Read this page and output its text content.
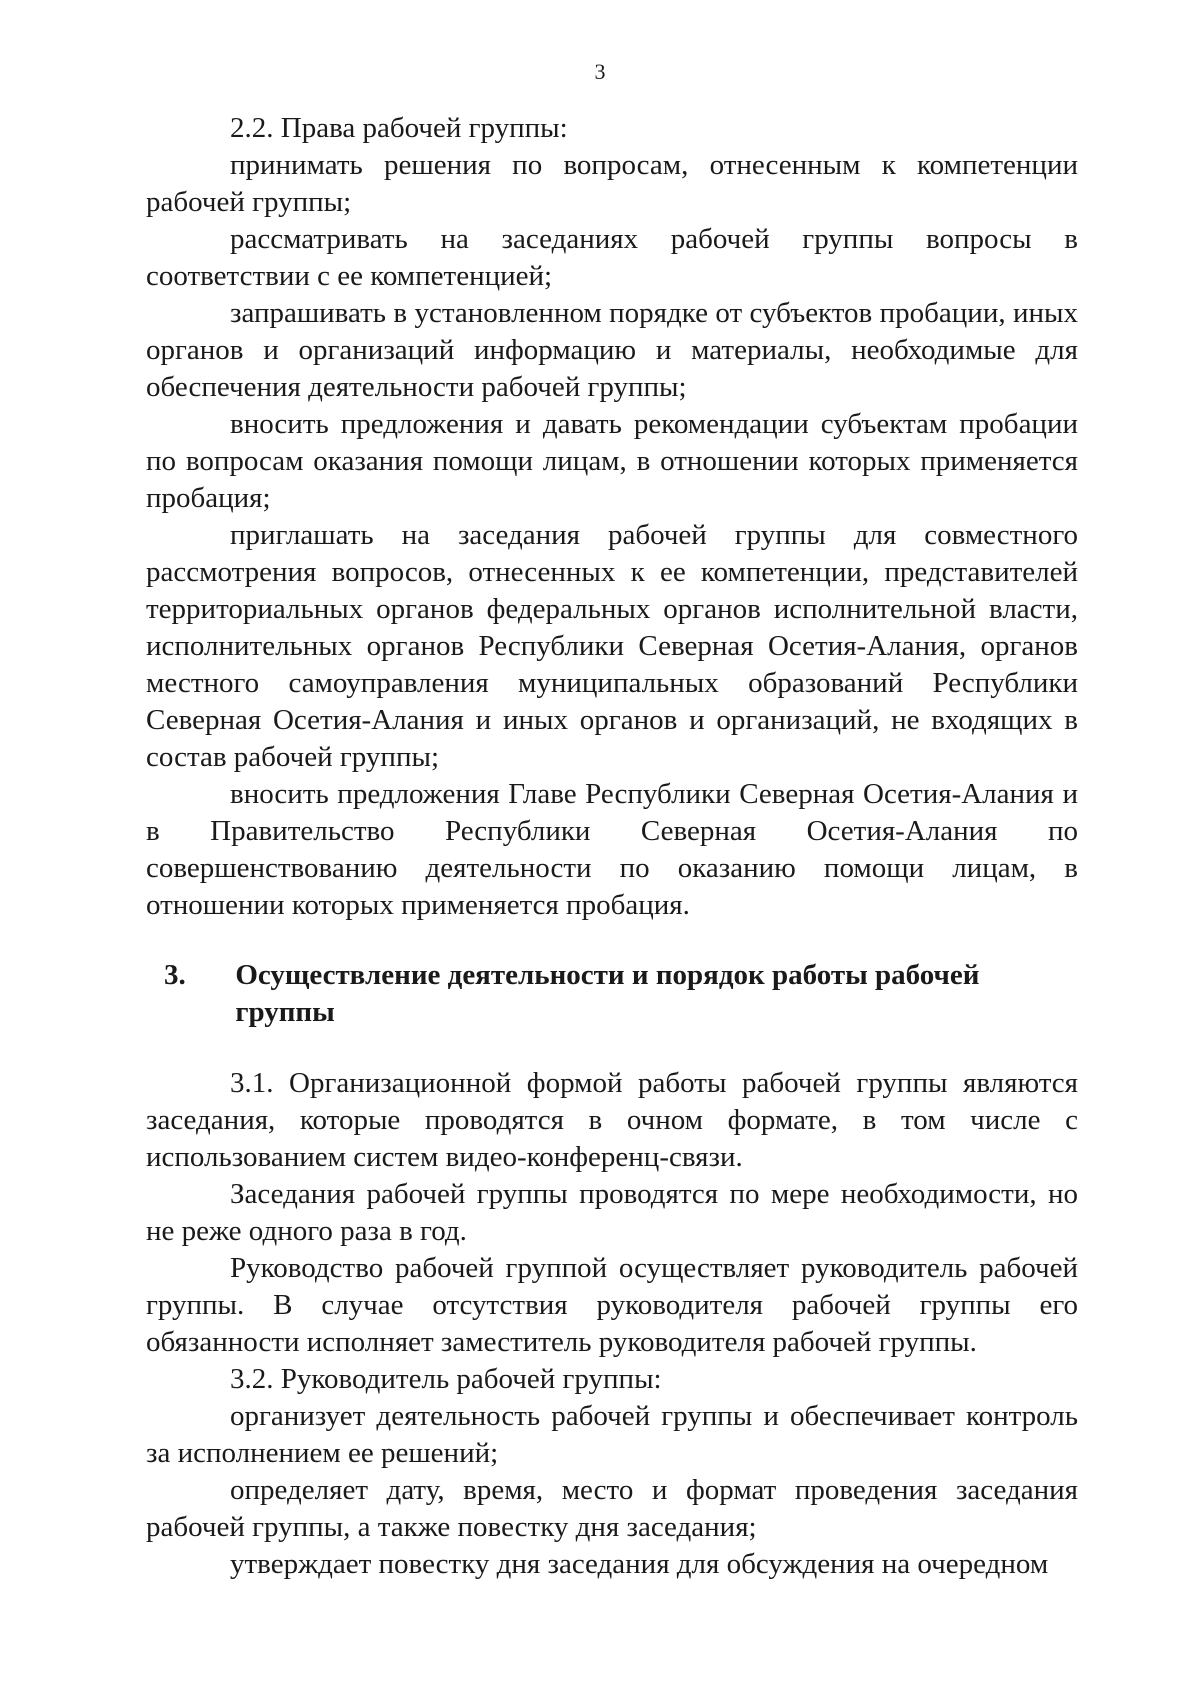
3

2.2. Права рабочей группы:

принимать решения по вопросам, отнесенным к компетенции рабочей группы;

рассматривать на заседаниях рабочей группы вопросы в соответствии с ее компетенцией;

запрашивать в установленном порядке от субъектов пробации, иных органов и организаций информацию и материалы, необходимые для обеспечения деятельности рабочей группы;

вносить предложения и давать рекомендации субъектам пробации по вопросам оказания помощи лицам, в отношении которых применяется пробация;

приглашать на заседания рабочей группы для совместного рассмотрения вопросов, отнесенных к ее компетенции, представителей территориальных органов федеральных органов исполнительной власти, исполнительных органов Республики Северная Осетия-Алания, органов местного самоуправления муниципальных образований Республики Северная Осетия-Алания и иных органов и организаций, не входящих в состав рабочей группы;

вносить предложения Главе Республики Северная Осетия-Алания и в Правительство Республики Северная Осетия-Алания по совершенствованию деятельности по оказанию помощи лицам, в отношении которых применяется пробация.

3.	Осуществление деятельности и порядок работы рабочей группы

3.1. Организационной формой работы рабочей группы являются заседания, которые проводятся в очном формате, в том числе с использованием систем видео-конференц-связи.

Заседания рабочей группы проводятся по мере необходимости, но не реже одного раза в год.

Руководство рабочей группой осуществляет руководитель рабочей группы. В случае отсутствия руководителя рабочей группы его обязанности исполняет заместитель руководителя рабочей группы.

3.2. Руководитель рабочей группы:

организует деятельность рабочей группы и обеспечивает контроль за исполнением ее решений;

определяет дату, время, место и формат проведения заседания рабочей группы, а также повестку дня заседания;

утверждает повестку дня заседания для обсуждения на очередном
